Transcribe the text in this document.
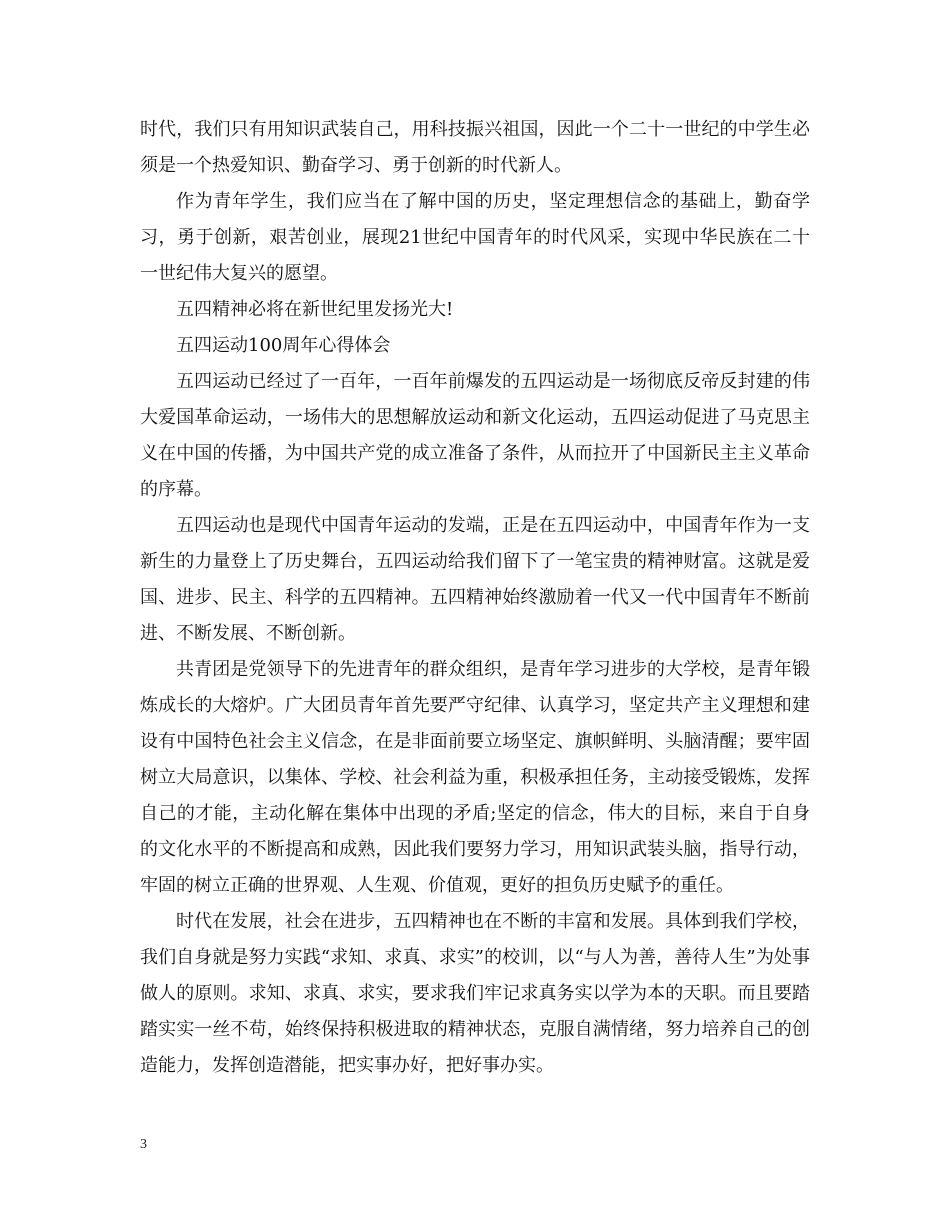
时代，我们只有用知识武装自己，用科技振兴祖国，因此一个二十一世纪的中学生必须是一个热爱知识、勤奋学习、勇于创新的时代新人。

作为青年学生，我们应当在了解中国的历史，坚定理想信念的基础上，勤奋学习，勇于创新，艰苦创业，展现21世纪中国青年的时代风采，实现中华民族在二十一世纪伟大复兴的愿望。

五四精神必将在新世纪里发扬光大!

五四运动100周年心得体会

五四运动已经过了一百年，一百年前爆发的五四运动是一场彻底反帝反封建的伟大爱国革命运动，一场伟大的思想解放运动和新文化运动，五四运动促进了马克思主义在中国的传播，为中国共产党的成立准备了条件，从而拉开了中国新民主主义革命的序幕。

五四运动也是现代中国青年运动的发端，正是在五四运动中，中国青年作为一支新生的力量登上了历史舞台，五四运动给我们留下了一笔宝贵的精神财富。这就是爱国、进步、民主、科学的五四精神。五四精神始终激励着一代又一代中国青年不断前进、不断发展、不断创新。

共青团是党领导下的先进青年的群众组织，是青年学习进步的大学校，是青年锻炼成长的大熔炉。广大团员青年首先要严守纪律、认真学习，坚定共产主义理想和建设有中国特色社会主义信念，在是非面前要立场坚定、旗帜鲜明、头脑清醒；要牢固树立大局意识，以集体、学校、社会利益为重，积极承担任务，主动接受锻炼，发挥自己的才能，主动化解在集体中出现的矛盾;坚定的信念，伟大的目标，来自于自身的文化水平的不断提高和成熟，因此我们要努力学习，用知识武装头脑，指导行动，牢固的树立正确的世界观、人生观、价值观，更好的担负历史赋予的重任。

时代在发展，社会在进步，五四精神也在不断的丰富和发展。具体到我们学校，我们自身就是努力实践“求知、求真、求实”的校训，以“与人为善，善待人生”为处事做人的原则。求知、求真、求实，要求我们牢记求真务实以学为本的天职。而且要踏踏实实一丝不苟，始终保持积极进取的精神状态，克服自满情绪，努力培养自己的创造能力，发挥创造潜能，把实事办好，把好事办实。

3
